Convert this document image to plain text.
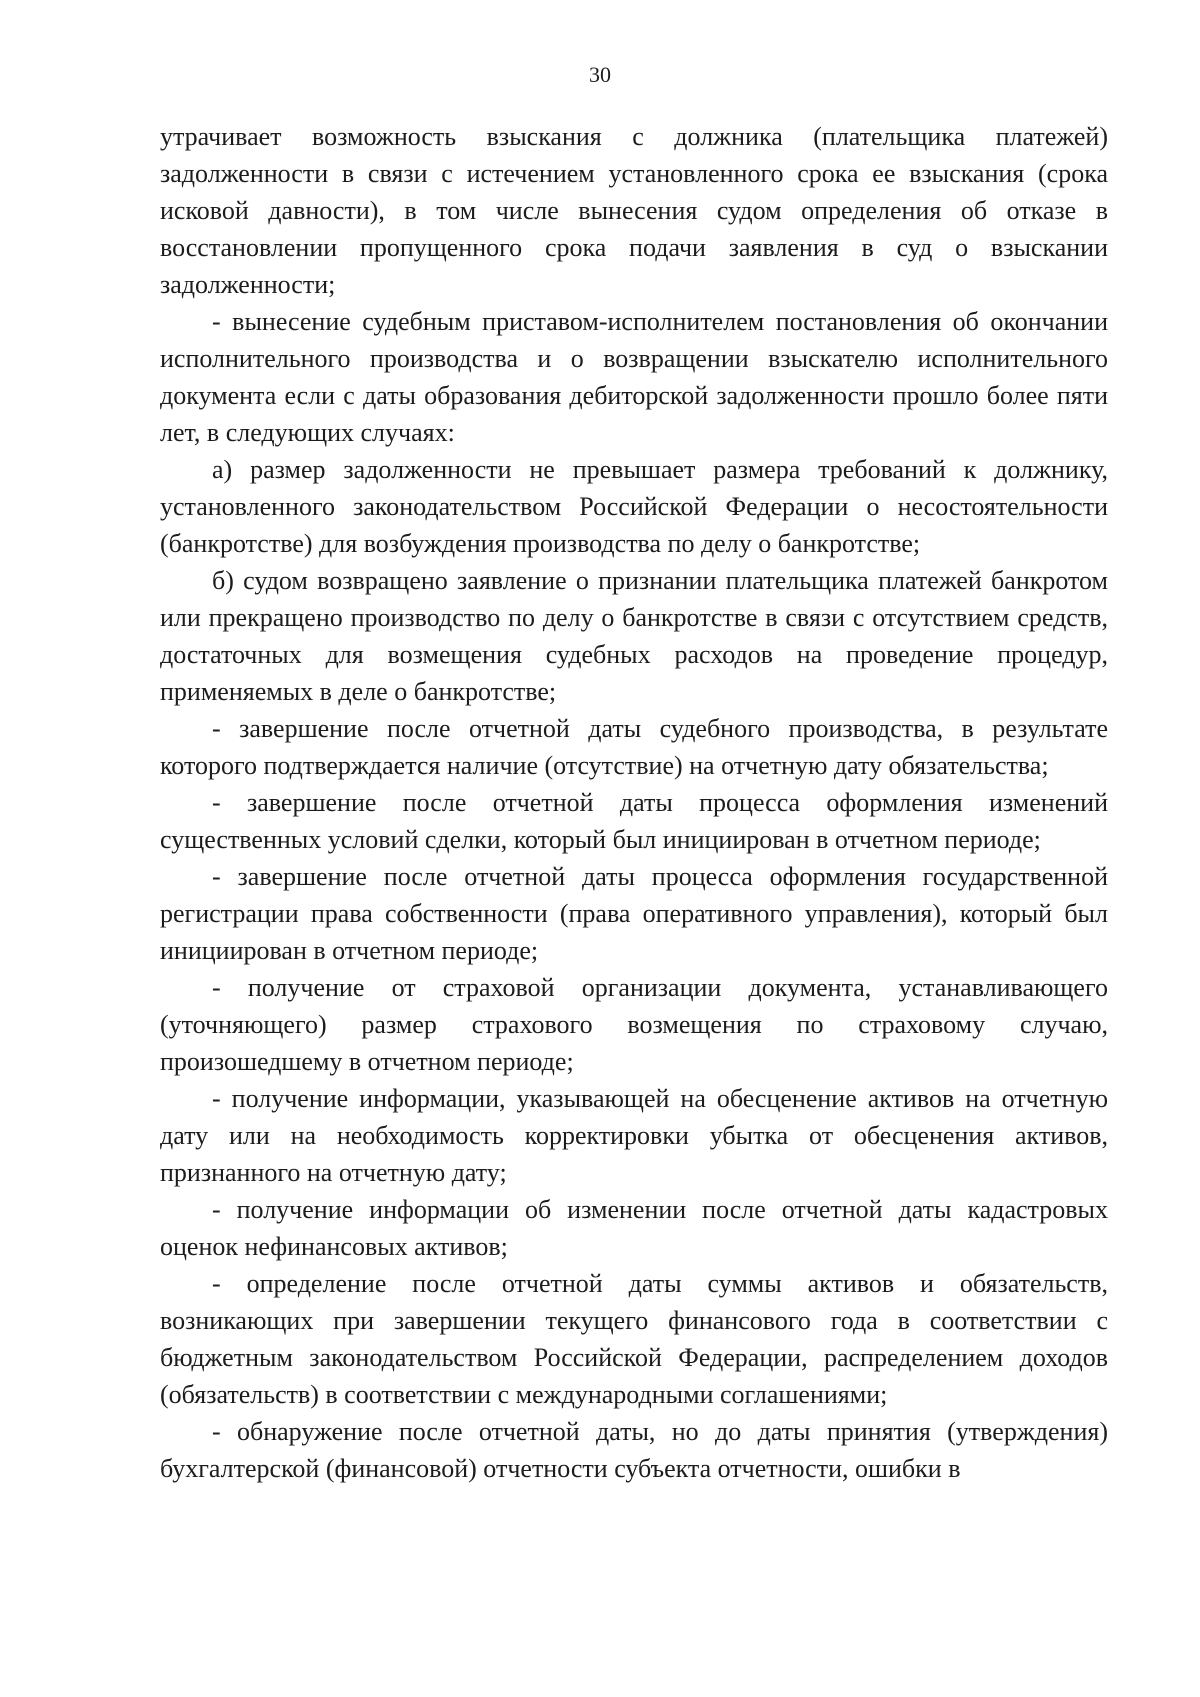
30

утрачивает возможность взыскания с должника (плательщика платежей) задолженности в связи с истечением установленного срока ее взыскания (срока исковой давности), в том числе вынесения судом определения об отказе в восстановлении пропущенного срока подачи заявления в суд о взыскании задолженности;

- вынесение судебным приставом-исполнителем постановления об окончании исполнительного производства и о возвращении взыскателю исполнительного документа если с даты образования дебиторской задолженности прошло более пяти лет, в следующих случаях:

а) размер задолженности не превышает размера требований к должнику, установленного законодательством Российской Федерации о несостоятельности (банкротстве) для возбуждения производства по делу о банкротстве;

б) судом возвращено заявление о признании плательщика платежей банкротом или прекращено производство по делу о банкротстве в связи с отсутствием средств, достаточных для возмещения судебных расходов на проведение процедур, применяемых в деле о банкротстве;

- завершение после отчетной даты судебного производства, в результате которого подтверждается наличие (отсутствие) на отчетную дату обязательства;

- завершение после отчетной даты процесса оформления изменений существенных условий сделки, который был инициирован в отчетном периоде;

- завершение после отчетной даты процесса оформления государственной регистрации права собственности (права оперативного управления), который был инициирован в отчетном периоде;

- получение от страховой организации документа, устанавливающего (уточняющего) размер страхового возмещения по страховому случаю, произошедшему в отчетном периоде;

- получение информации, указывающей на обесценение активов на отчетную дату или на необходимость корректировки убытка от обесценения активов, признанного на отчетную дату;

- получение информации об изменении после отчетной даты кадастровых оценок нефинансовых активов;

- определение после отчетной даты суммы активов и обязательств, возникающих при завершении текущего финансового года в соответствии с бюджетным законодательством Российской Федерации, распределением доходов (обязательств) в соответствии с международными соглашениями;

- обнаружение после отчетной даты, но до даты принятия (утверждения) бухгалтерской (финансовой) отчетности субъекта отчетности, ошибки в
